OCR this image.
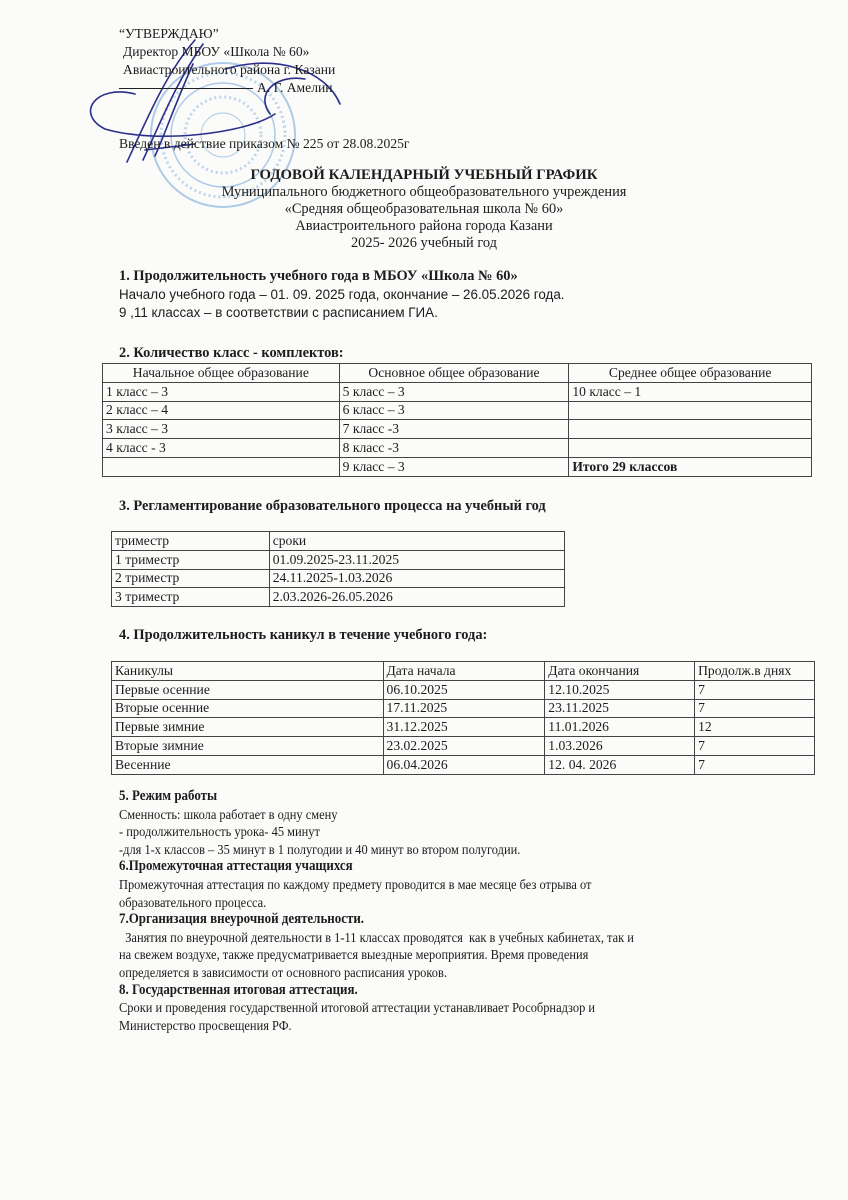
“УТВЕРЖДАЮ”
Директор МБОУ «Школа № 60»
Авиастроительного района г. Казани
А. Г. Амелин
Введен в действие приказом № 225 от 28.08.2025г
ГОДОВОЙ КАЛЕНДАРНЫЙ УЧЕБНЫЙ ГРАФИК
Муниципального бюджетного общеобразовательного учреждения
«Средняя общеобразовательная школа № 60»
Авиастроительного района города Казани
2025- 2026 учебный год
1. Продолжительность учебного года в МБОУ «Школа № 60»
Начало учебного года – 01. 09. 2025 года, окончание – 26.05.2026 года.
9 ,11 классах – в соответствии с расписанием ГИА.
2. Количество класс - комплектов:
Начальное общее образование	Основное общее образование	Среднее общее образование
1 класс – 3	5 класс – 3	10 класс – 1
2 класс – 4	6 класс – 3	
3 класс – 3	7 класс -3	
4 класс - 3	8 класс -3	
	9 класс – 3	Итого 29 классов
3. Регламентирование образовательного процесса на учебный год
триместр	сроки
1 триместр	01.09.2025-23.11.2025
2 триместр	24.11.2025-1.03.2026
3 триместр	2.03.2026-26.05.2026
4. Продолжительность каникул в течение учебного года:
Каникулы	Дата начала	Дата окончания	Продолж.в днях
Первые осенние	06.10.2025	12.10.2025	7
Вторые осенние	17.11.2025	23.11.2025	7
Первые зимние	31.12.2025	11.01.2026	12
Вторые зимние	23.02.2025	1.03.2026	7
Весенние	06.04.2026	12. 04. 2026	7
5. Режим работы
Сменность: школа работает в одну смену
- продолжительность урока- 45 минут
-для 1-х классов – 35 минут в 1 полугодии и 40 минут во втором полугодии.
6.Промежуточная аттестация учащихся
Промежуточная аттестация по каждому предмету проводится в мае месяце без отрыва от
образовательного процесса.
7.Организация внеурочной деятельности.
Занятия по внеурочной деятельности в 1-11 классах проводятся  как в учебных кабинетах, так и
на свежем воздухе, также предусматривается выездные мероприятия. Время проведения
определяется в зависимости от основного расписания уроков.
8. Государственная итоговая аттестация.
Сроки и проведения государственной итоговой аттестации устанавливает Рособрнадзор и
Министерство просвещения РФ.
